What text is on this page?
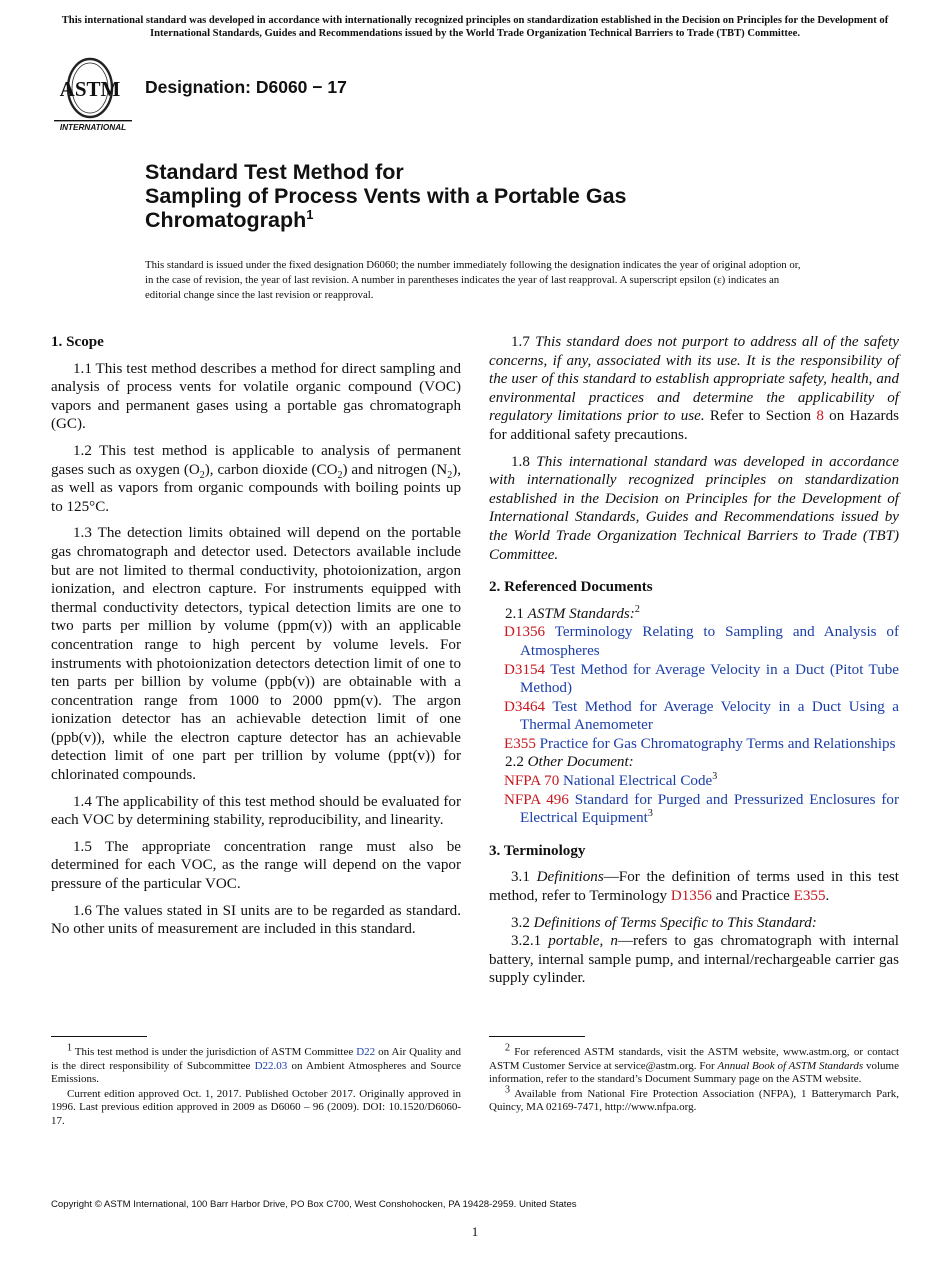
This international standard was developed in accordance with internationally recognized principles on standardization established in the Decision on Principles for the Development of International Standards, Guides and Recommendations issued by the World Trade Organization Technical Barriers to Trade (TBT) Committee.
ASTM
INTERNATIONAL
Designation: D6060 − 17
Standard Test Method for
Sampling of Process Vents with a Portable Gas
Chromatograph$^1$
This standard is issued under the fixed designation D6060; the number immediately following the designation indicates the year of original adoption or, in the case of revision, the year of last revision. A number in parentheses indicates the year of last reapproval. A superscript epsilon (ε) indicates an editorial change since the last revision or reapproval.
1. Scope

1.1 This test method describes a method for direct sampling and analysis of process vents for volatile organic compound (VOC) vapors and permanent gases using a portable gas chromatograph (GC).

1.2 This test method is applicable to analysis of permanent gases such as oxygen $(O_2)$, carbon dioxide $(CO_2)$ and nitrogen $(N_2)$, as well as vapors from organic compounds with boiling points up to 125°C.

1.3 The detection limits obtained will depend on the portable gas chromatograph and detector used. Detectors available include but are not limited to thermal conductivity, photoionization, argon ionization, and electron capture. For instruments equipped with thermal conductivity detectors, typical detection limits are one to two parts per million by volume (ppm(v)) with an applicable concentration range to high percent by volume levels. For instruments with photoionization detectors detection limit of one to ten parts per billion by volume (ppb(v)) are obtainable with a concentration range from 1000 to 2000 ppm(v). The argon ionization detector has an achievable detection limit of one (ppb(v)), while the electron capture detector has an achievable detection limit of one part per trillion by volume (ppt(v)) for chlorinated compounds.

1.4 The applicability of this test method should be evaluated for each VOC by determining stability, reproducibility, and linearity.

1.5 The appropriate concentration range must also be determined for each VOC, as the range will depend on the vapor pressure of the particular VOC.

1.6 The values stated in SI units are to be regarded as standard. No other units of measurement are included in this standard.

1.7 This standard does not purport to address all of the safety concerns, if any, associated with its use. It is the responsibility of the user of this standard to establish appropriate safety, health, and environmental practices and determine the applicability of regulatory limitations prior to use. Refer to Section 8 on Hazards for additional safety precautions.

1.8 This international standard was developed in accordance with internationally recognized principles on standardization established in the Decision on Principles for the Development of International Standards, Guides and Recommendations issued by the World Trade Organization Technical Barriers to Trade (TBT) Committee.

2. Referenced Documents

2.1 ASTM Standards:$^2$

D1356 Terminology Relating to Sampling and Analysis of Atmospheres
D3154 Test Method for Average Velocity in a Duct (Pitot Tube Method)
D3464 Test Method for Average Velocity in a Duct Using a Thermal Anemometer
E355 Practice for Gas Chromatography Terms and Relationships

2.2 Other Document:

NFPA 70 National Electrical Code$^3$
NFPA 496 Standard for Purged and Pressurized Enclosures for Electrical Equipment$^3$
3. Terminology

3.1 Definitions—For the definition of terms used in this test method, refer to Terminology D1356 and Practice E355.

3.2 Definitions of Terms Specific to This Standard:

3.2.1 portable, n—refers to gas chromatograph with internal battery, internal sample pump, and internal/rechargeable carrier gas supply cylinder.

$^1$ This test method is under the jurisdiction of ASTM Committee D22 on Air Quality and is the direct responsibility of Subcommittee D22.03 on Ambient Atmospheres and Source Emissions.

Current edition approved Oct. 1, 2017. Published October 2017. Originally approved in 1996. Last previous edition approved in 2009 as D6060 – 96 (2009). DOI: 10.1520/D6060-17.

$^2$ For referenced ASTM standards, visit the ASTM website, www.astm.org, or contact ASTM Customer Service at service@astm.org. For Annual Book of ASTM Standards volume information, refer to the standard’s Document Summary page on the ASTM website.

$^3$ Available from National Fire Protection Association (NFPA), 1 Batterymarch Park, Quincy, MA 02169-7471, http://www.nfpa.org.

Copyright © ASTM International, 100 Barr Harbor Drive, PO Box C700, West Conshohocken, PA 19428-2959. United States
1
